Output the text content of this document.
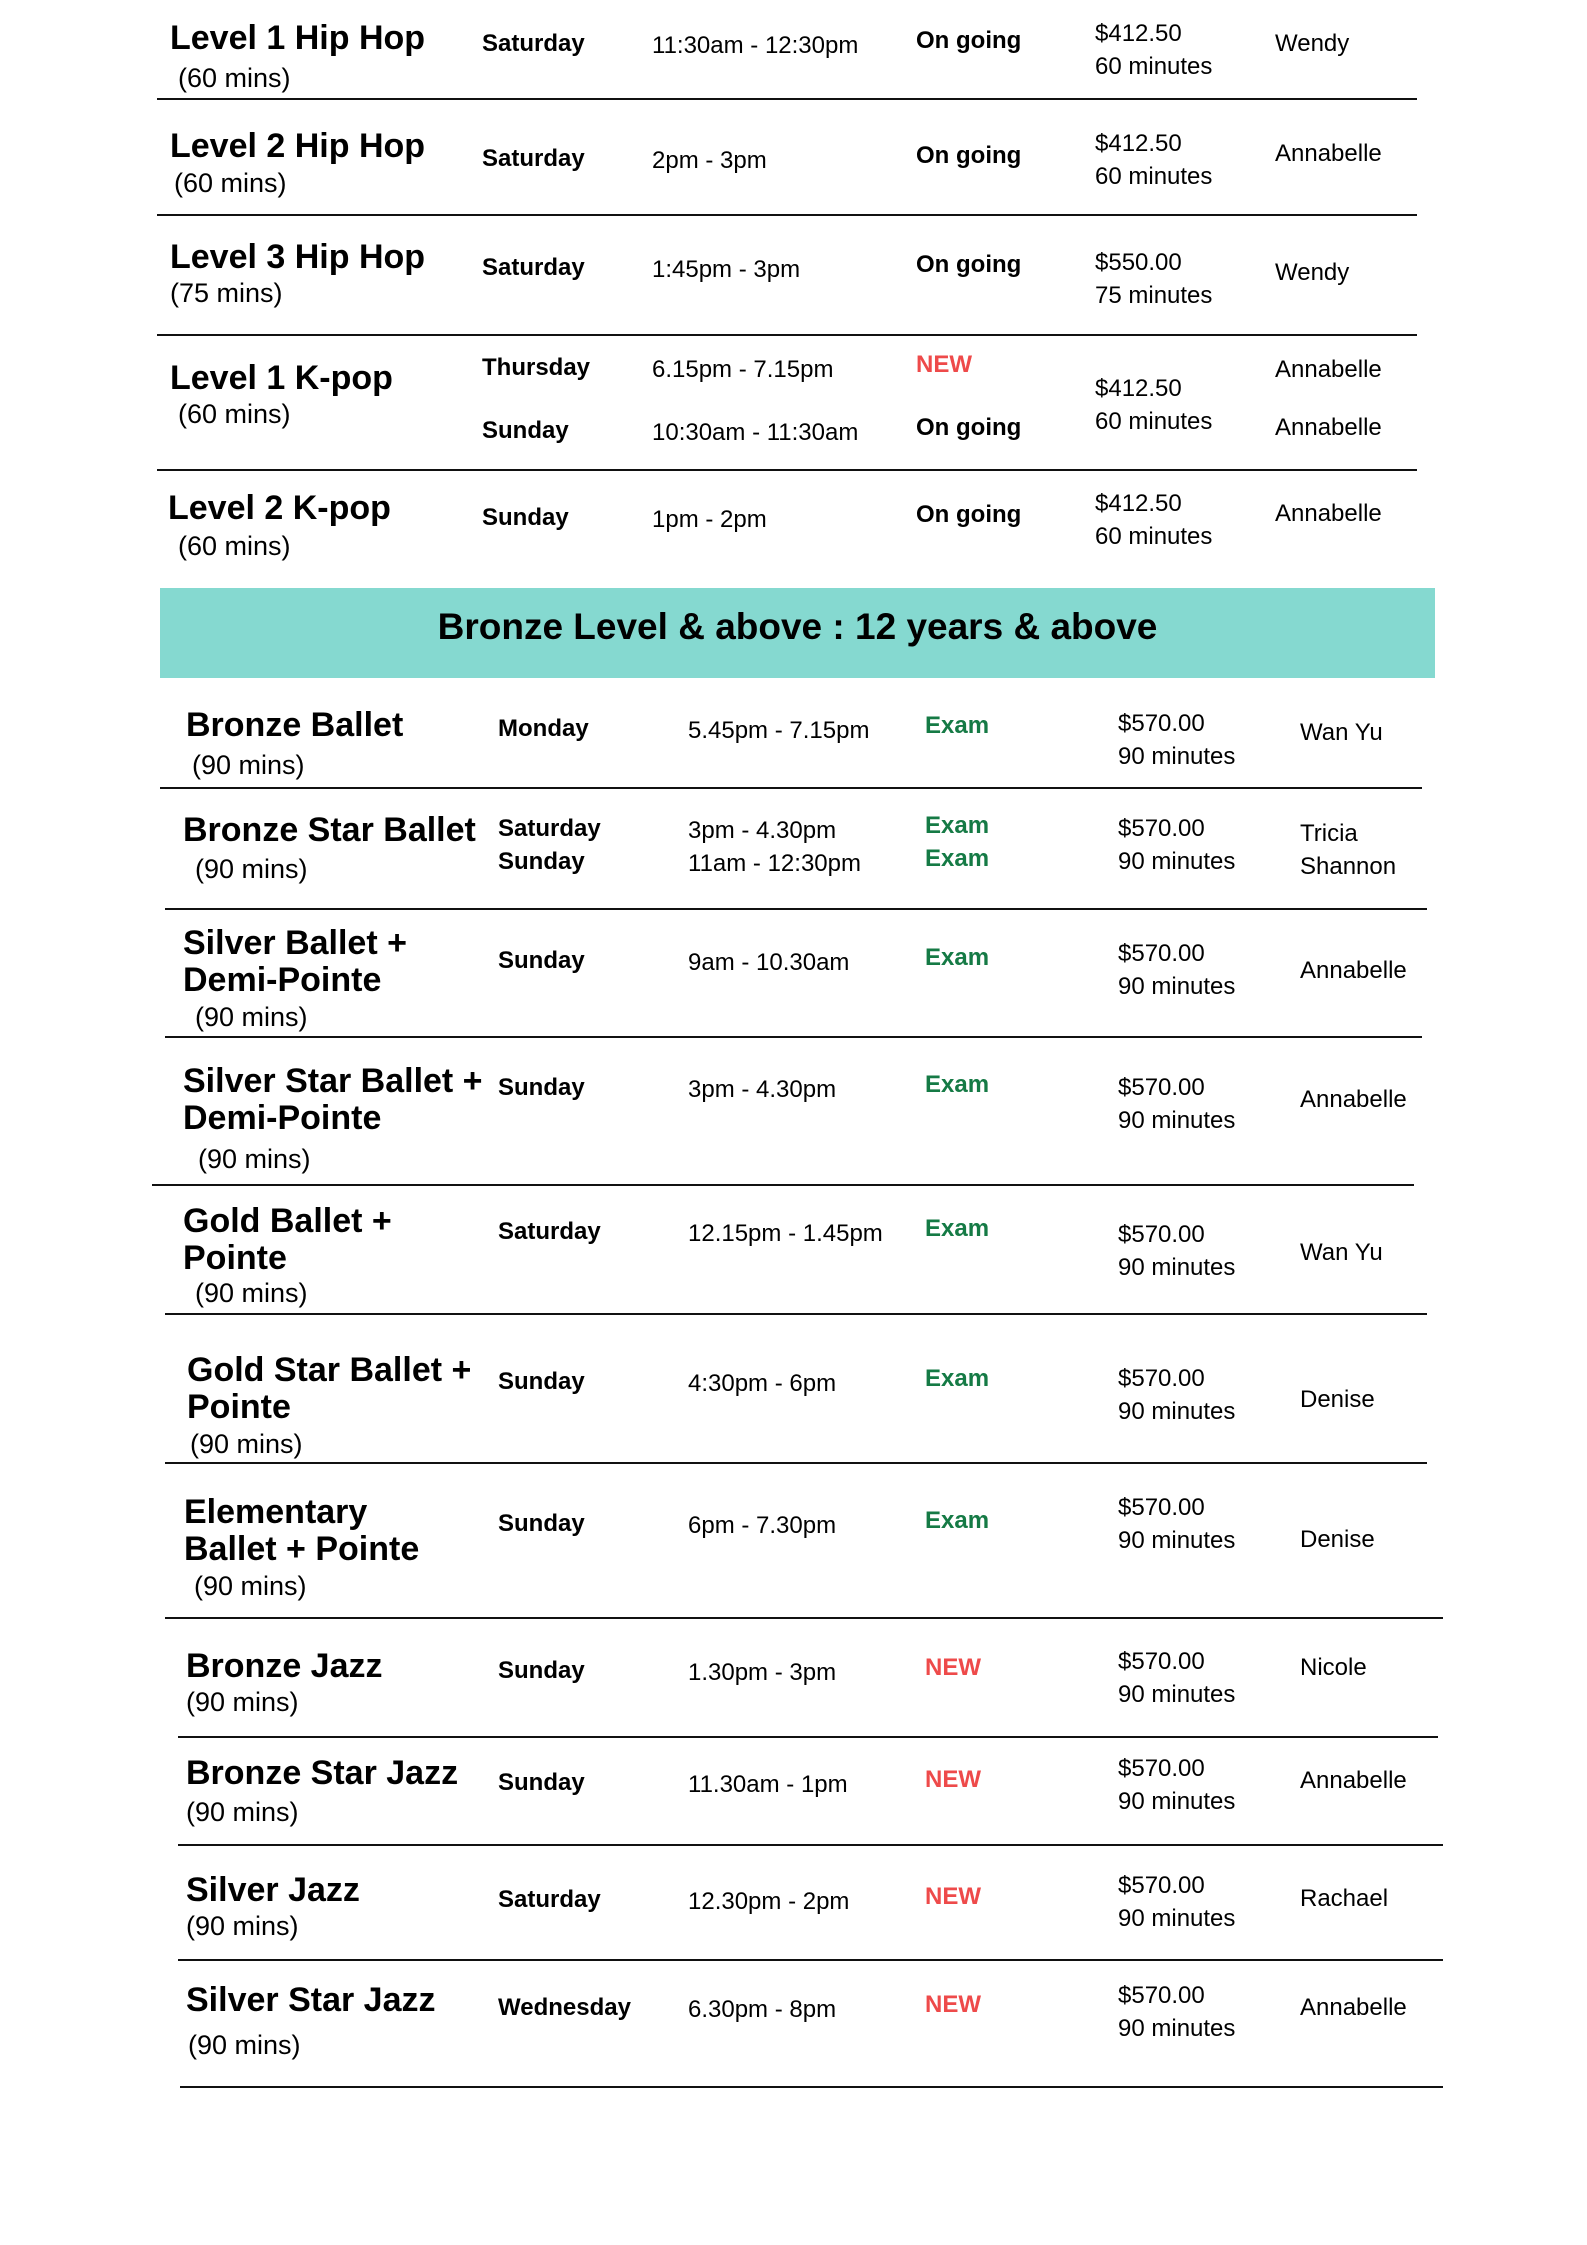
Level 1 Hip Hop
(60 mins)
Saturday	11:30am - 12:30pm On going	Wendy
$412.50
60 minutes
Level 2 Hip Hop
(60 mins)
Saturday	2pm - 3pm	On going	Annabelle
$412.50
60 minutes
Level 3 Hip Hop
(75 mins)
Saturday	1:45pm - 3pm	On going	Wendy
$550.00
75 minutes
Level 1 K-pop
(60 mins)
Thursday	6.15pm - 7.15pm	NEW	Annabelle
Sunday	10:30am - 11:30am On going	Annabelle
$412.50
60 minutes
Level 2 K-pop
(60 mins)
Sunday	1pm - 2pm	On going	Annabelle
$412.50
60 minutes
Bronze Ballet
(90 mins)
Monday	5.45pm - 7.15pm Exam	Wan Yu
$570.00
90 minutes
Bronze Star Ballet
(90 mins)
Saturday	3pm - 4.30pm	Exam	Tricia
Sunday	11am - 12:30pm	Exam	Shannon
$570.00
90 minutes
Silver Ballet + Demi-Pointe
(90 mins)
Sunday	9am - 10.30am	Exam	Annabelle
$570.00
90 minutes
Silver Star Ballet + Demi-Pointe
(90 mins)
Sunday	3pm - 4.30pm	Exam
Annabelle
$570.00
90 minutes
Gold Ballet + Pointe
(90 mins)
Saturday	12.15pm - 1.45pm Exam
Wan Yu
$570.00
90 minutes
Gold Star Ballet + Pointe
(90 mins)
Sunday	4:30pm - 6pm	Exam
Denise
$570.00
90 minutes
Elementary Ballet + Pointe
(90 mins)
Sunday	6pm - 7.30pm	Exam
Denise
$570.00
90 minutes
Bronze Jazz
(90 mins)
Sunday	1.30pm - 3pm	NEW	Nicole
$570.00
90 minutes
Bronze Star Jazz
(90 mins)
Sunday	11.30am - 1pm	NEW	Annabelle
$570.00
90 minutes
Silver Jazz
(90 mins)
Saturday	12.30pm - 2pm	NEW	Rachael
$570.00
90 minutes
Silver Star Jazz
(90 mins)
Wednesday 6.30pm - 8pm	NEW	Annabelle
$570.00
90 minutes
Bronze Level & above : 12 years & above
